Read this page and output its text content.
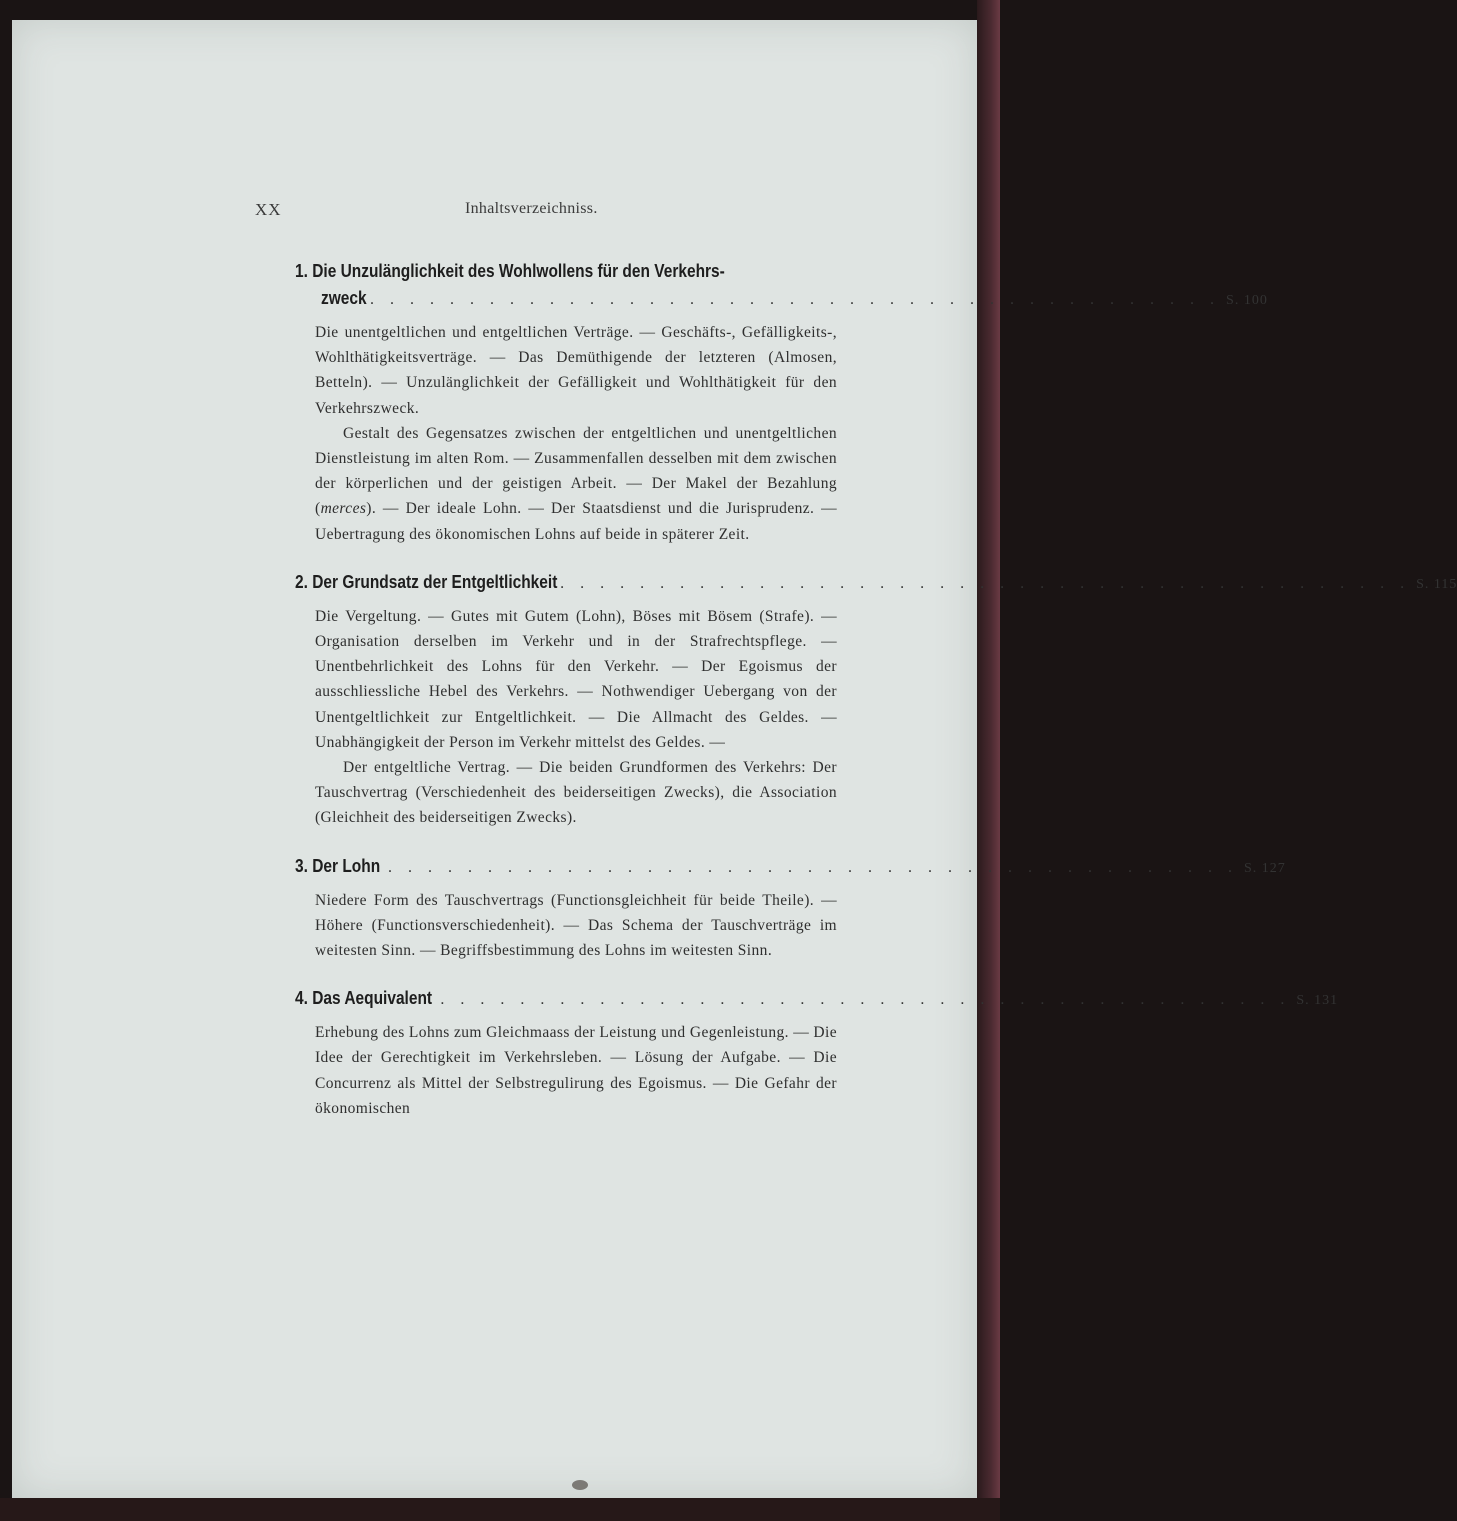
XX	Inhaltsverzeichniss.
1. Die Unzulänglichkeit des Wohlwollens für den Verkehrs-
zweck . . . . . . . . . . . . . . . . . . . . . . . . . . . . . . . . . . . . . . . . . . . S. 100

Die unentgeltlichen und entgeltlichen Verträge. — Geschäfts-, Gefälligkeits-, Wohlthätigkeitsverträge. — Das Demüthigende der letzteren (Almosen, Betteln). — Unzulänglichkeit der Gefälligkeit und Wohlthätigkeit für den Verkehrszweck.

Gestalt des Gegensatzes zwischen der entgeltlichen und unentgeltlichen Dienstleistung im alten Rom. — Zusammenfallen desselben mit dem zwischen der körperlichen und der geistigen Arbeit. — Der Makel der Bezahlung (merces). — Der ideale Lohn. — Der Staatsdienst und die Jurisprudenz. — Uebertragung des ökonomischen Lohns auf beide in späterer Zeit.

2. Der Grundsatz der Entgeltlichkeit . . . . . . . . . . . . . . . . . . . . . . . . . . . . . . . . . . . . . . . . . . . S. 115

Die Vergeltung. — Gutes mit Gutem (Lohn), Böses mit Bösem (Strafe). — Organisation derselben im Verkehr und in der Strafrechtspflege. — Unentbehrlichkeit des Lohns für den Verkehr. — Der Egoismus der ausschliessliche Hebel des Verkehrs. — Nothwendiger Uebergang von der Unentgeltlichkeit zur Entgeltlichkeit. — Die Allmacht des Geldes. — Unabhängigkeit der Person im Verkehr mittelst des Geldes. —

Der entgeltliche Vertrag. — Die beiden Grundformen des Verkehrs: Der Tauschvertrag (Verschiedenheit des beiderseitigen Zwecks), die Association (Gleichheit des beiderseitigen Zwecks).

3. Der Lohn . . . . . . . . . . . . . . . . . . . . . . . . . . . . . . . . . . . . . . . . . . . S. 127

Niedere Form des Tauschvertrags (Functionsgleichheit für beide Theile). — Höhere (Functionsverschiedenheit). — Das Schema der Tauschverträge im weitesten Sinn. — Begriffsbestimmung des Lohns im weitesten Sinn.

4. Das Aequivalent . . . . . . . . . . . . . . . . . . . . . . . . . . . . . . . . . . . . . . . . . . . S. 131

Erhebung des Lohns zum Gleichmaass der Leistung und Gegenleistung. — Die Idee der Gerechtigkeit im Verkehrsleben. — Lösung der Aufgabe. — Die Concurrenz als Mittel der Selbstregulirung des Egoismus. — Die Gefahr der ökonomischen
